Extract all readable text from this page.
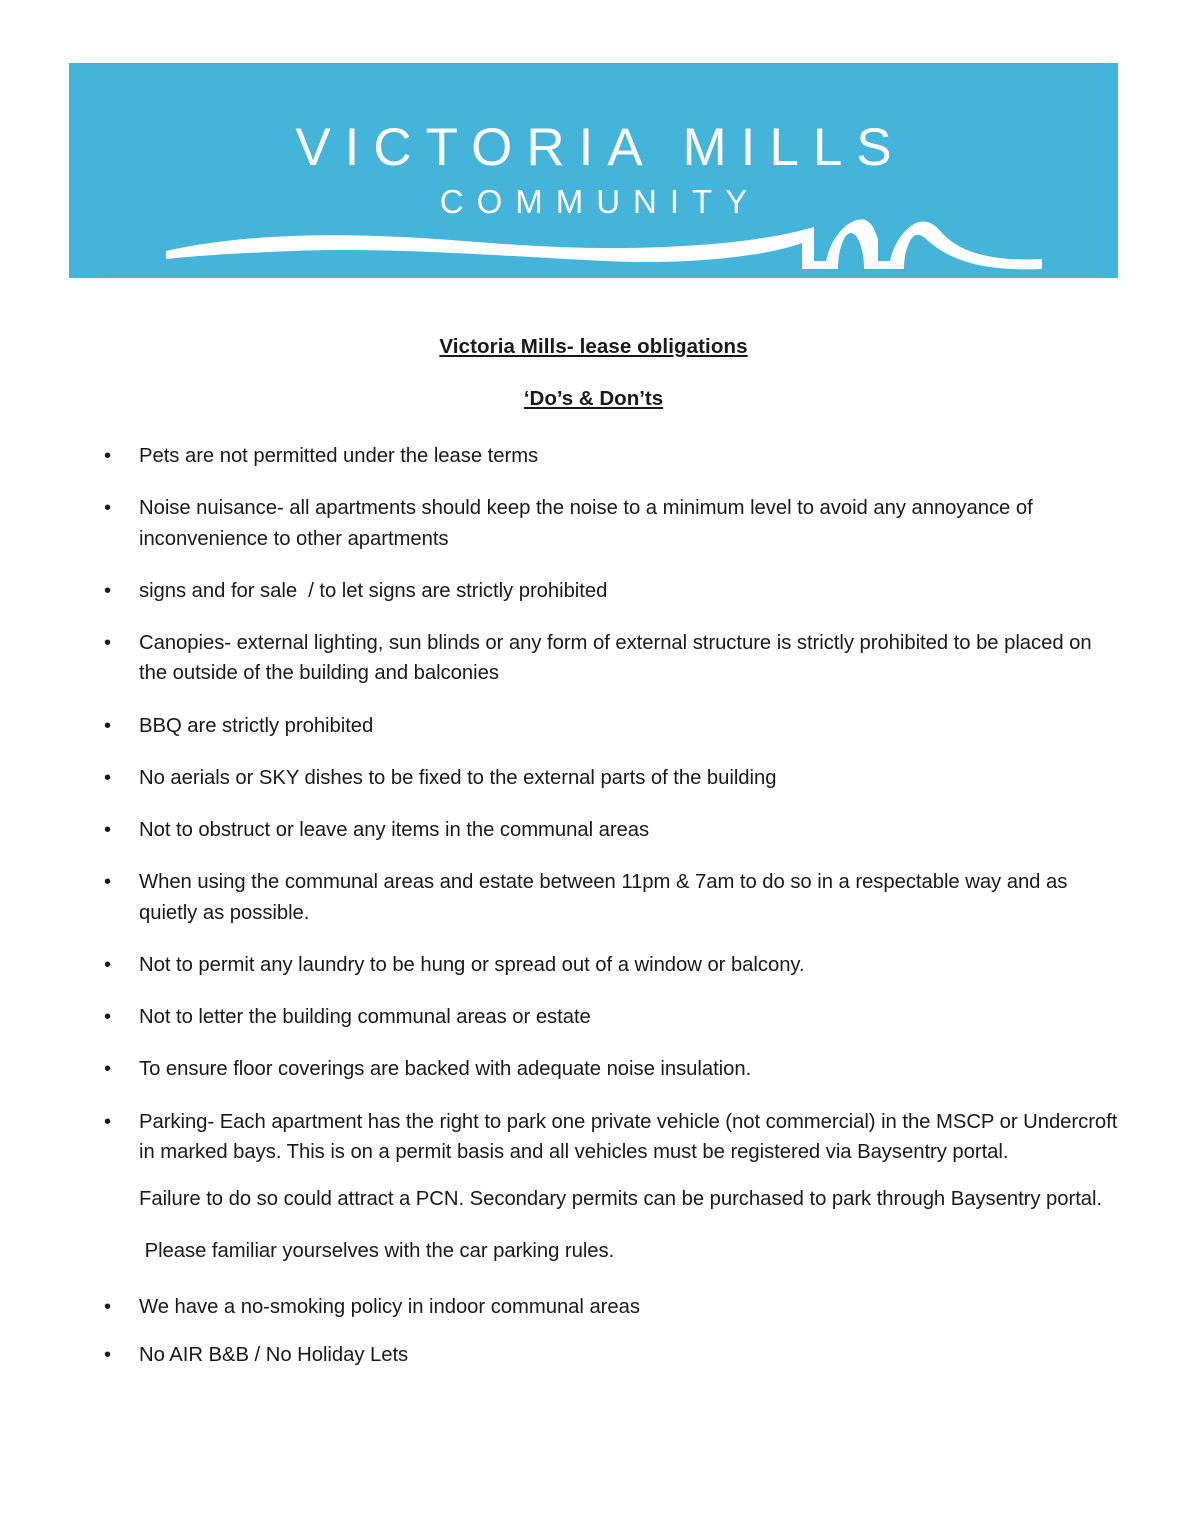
VICTORIA MILLS
COMMUNITY
Victoria Mills- lease obligations
‘Do’s & Don’ts
• Pets are not permitted under the lease terms
• Noise nuisance- all apartments should keep the noise to a minimum level to avoid any annoyance of inconvenience to other apartments
• signs and for sale  / to let signs are strictly prohibited
• Canopies- external lighting, sun blinds or any form of external structure is strictly prohibited to be placed on the outside of the building and balconies
• BBQ are strictly prohibited
• No aerials or SKY dishes to be fixed to the external parts of the building
• Not to obstruct or leave any items in the communal areas
• When using the communal areas and estate between 11pm & 7am to do so in a respectable way and as quietly as possible.
• Not to permit any laundry to be hung or spread out of a window or balcony.
• Not to letter the building communal areas or estate
• To ensure floor coverings are backed with adequate noise insulation.
• Parking- Each apartment has the right to park one private vehicle (not commercial) in the MSCP or Undercroft in marked bays. This is on a permit basis and all vehicles must be registered via Baysentry portal.
Failure to do so could attract a PCN. Secondary permits can be purchased to park through Baysentry portal.
Please familiar yourselves with the car parking rules.
• We have a no-smoking policy in indoor communal areas
• No AIR B&B / No Holiday Lets
